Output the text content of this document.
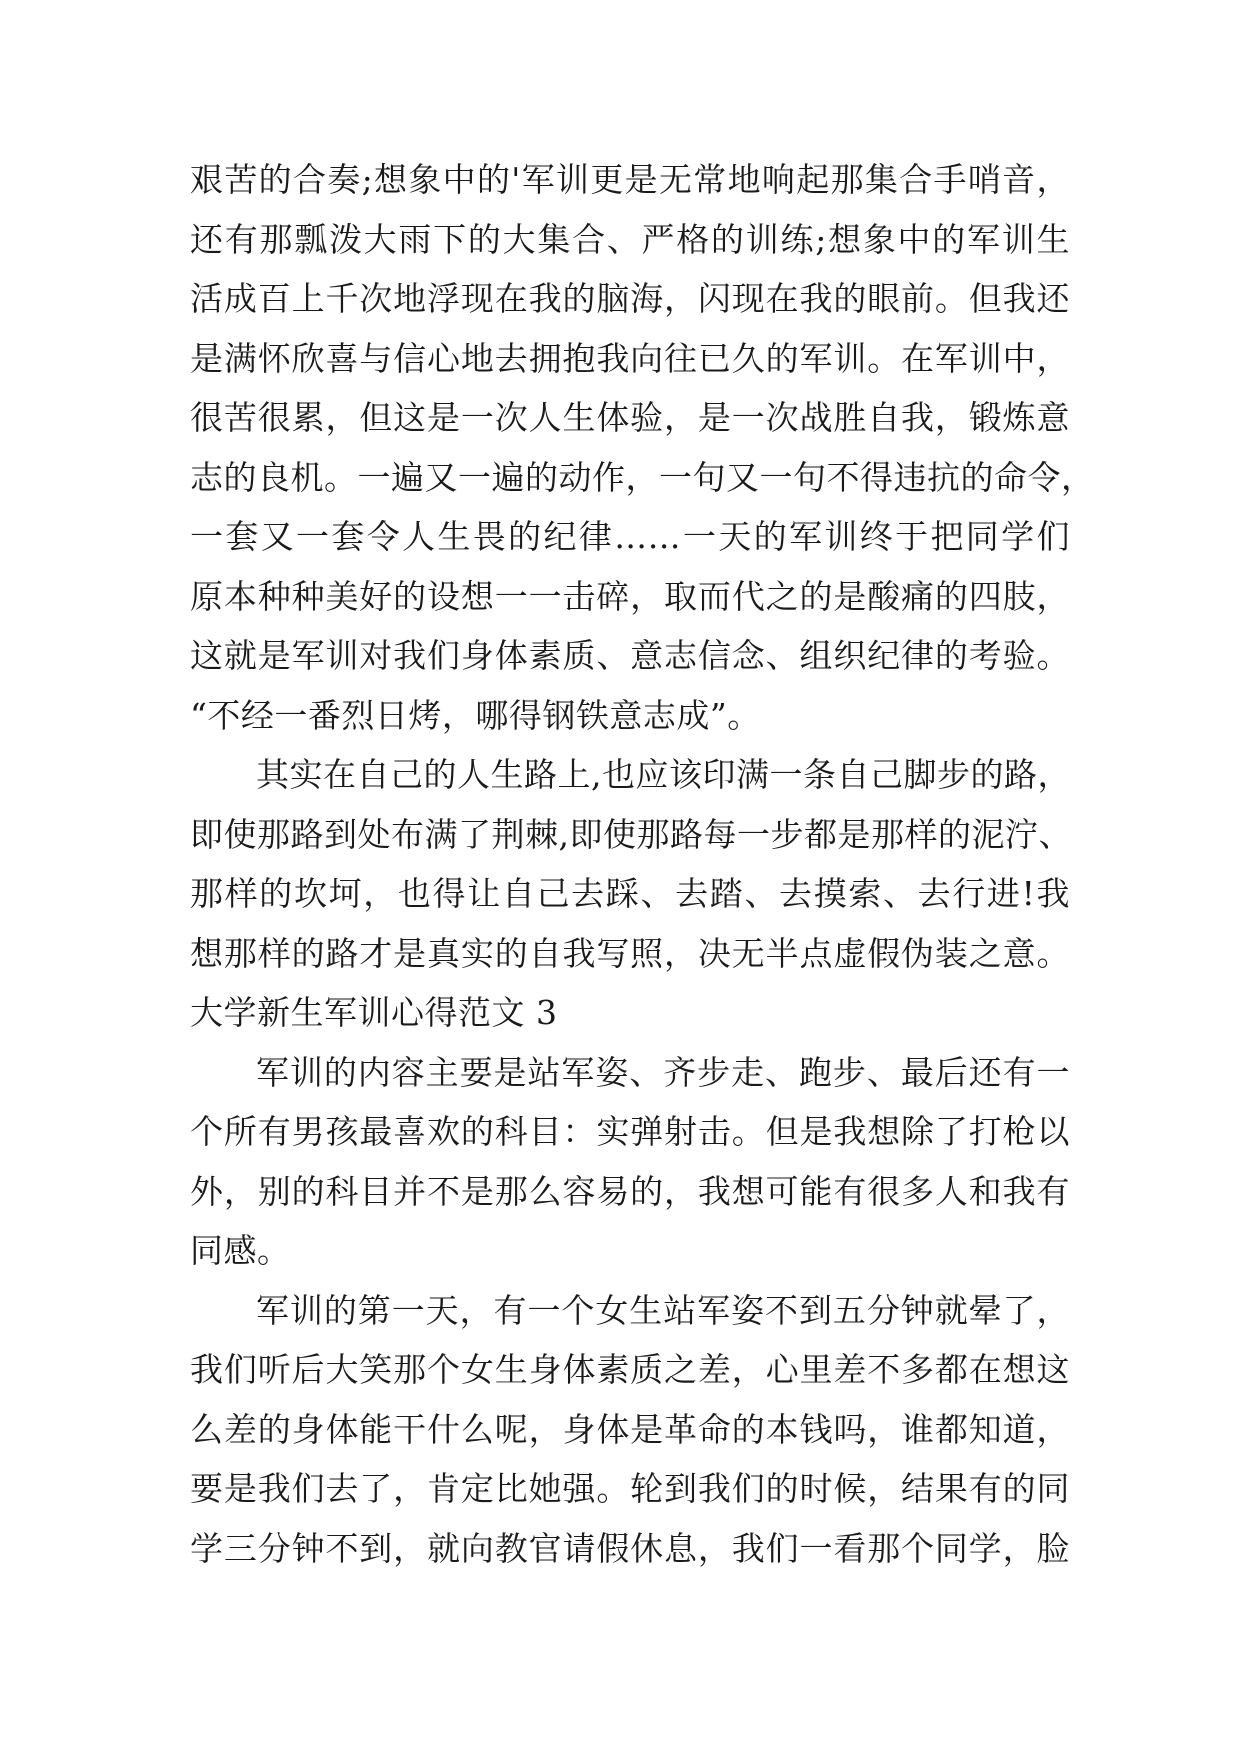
艰苦的合奏;想象中的'军训更是无常地响起那集合手哨音，
还有那瓢泼大雨下的大集合、严格的训练;想象中的军训生
活成百上千次地浮现在我的脑海，闪现在我的眼前。但我还
是满怀欣喜与信心地去拥抱我向往已久的军训。在军训中，
很苦很累，但这是一次人生体验，是一次战胜自我，锻炼意
志的良机。一遍又一遍的动作，一句又一句不得违抗的命令，
一套又一套令人生畏的纪律……一天的军训终于把同学们
原本种种美好的设想一一击碎，取而代之的是酸痛的四肢，
这就是军训对我们身体素质、意志信念、组织纪律的考验。
“不经一番烈日烤，哪得钢铁意志成”。
其实在自己的人生路上,也应该印满一条自己脚步的路，
即使那路到处布满了荆棘,即使那路每一步都是那样的泥泞、
那样的坎坷，也得让自己去踩、去踏、去摸索、去行进!我
想那样的路才是真实的自我写照，决无半点虚假伪装之意。
大学新生军训心得范文 3
军训的内容主要是站军姿、齐步走、跑步、最后还有一
个所有男孩最喜欢的科目：实弹射击。但是我想除了打枪以
外，别的科目并不是那么容易的，我想可能有很多人和我有
同感。
军训的第一天，有一个女生站军姿不到五分钟就晕了，
我们听后大笑那个女生身体素质之差，心里差不多都在想这
么差的身体能干什么呢，身体是革命的本钱吗，谁都知道，
要是我们去了，肯定比她强。轮到我们的时候，结果有的同
学三分钟不到，就向教官请假休息，我们一看那个同学，脸
